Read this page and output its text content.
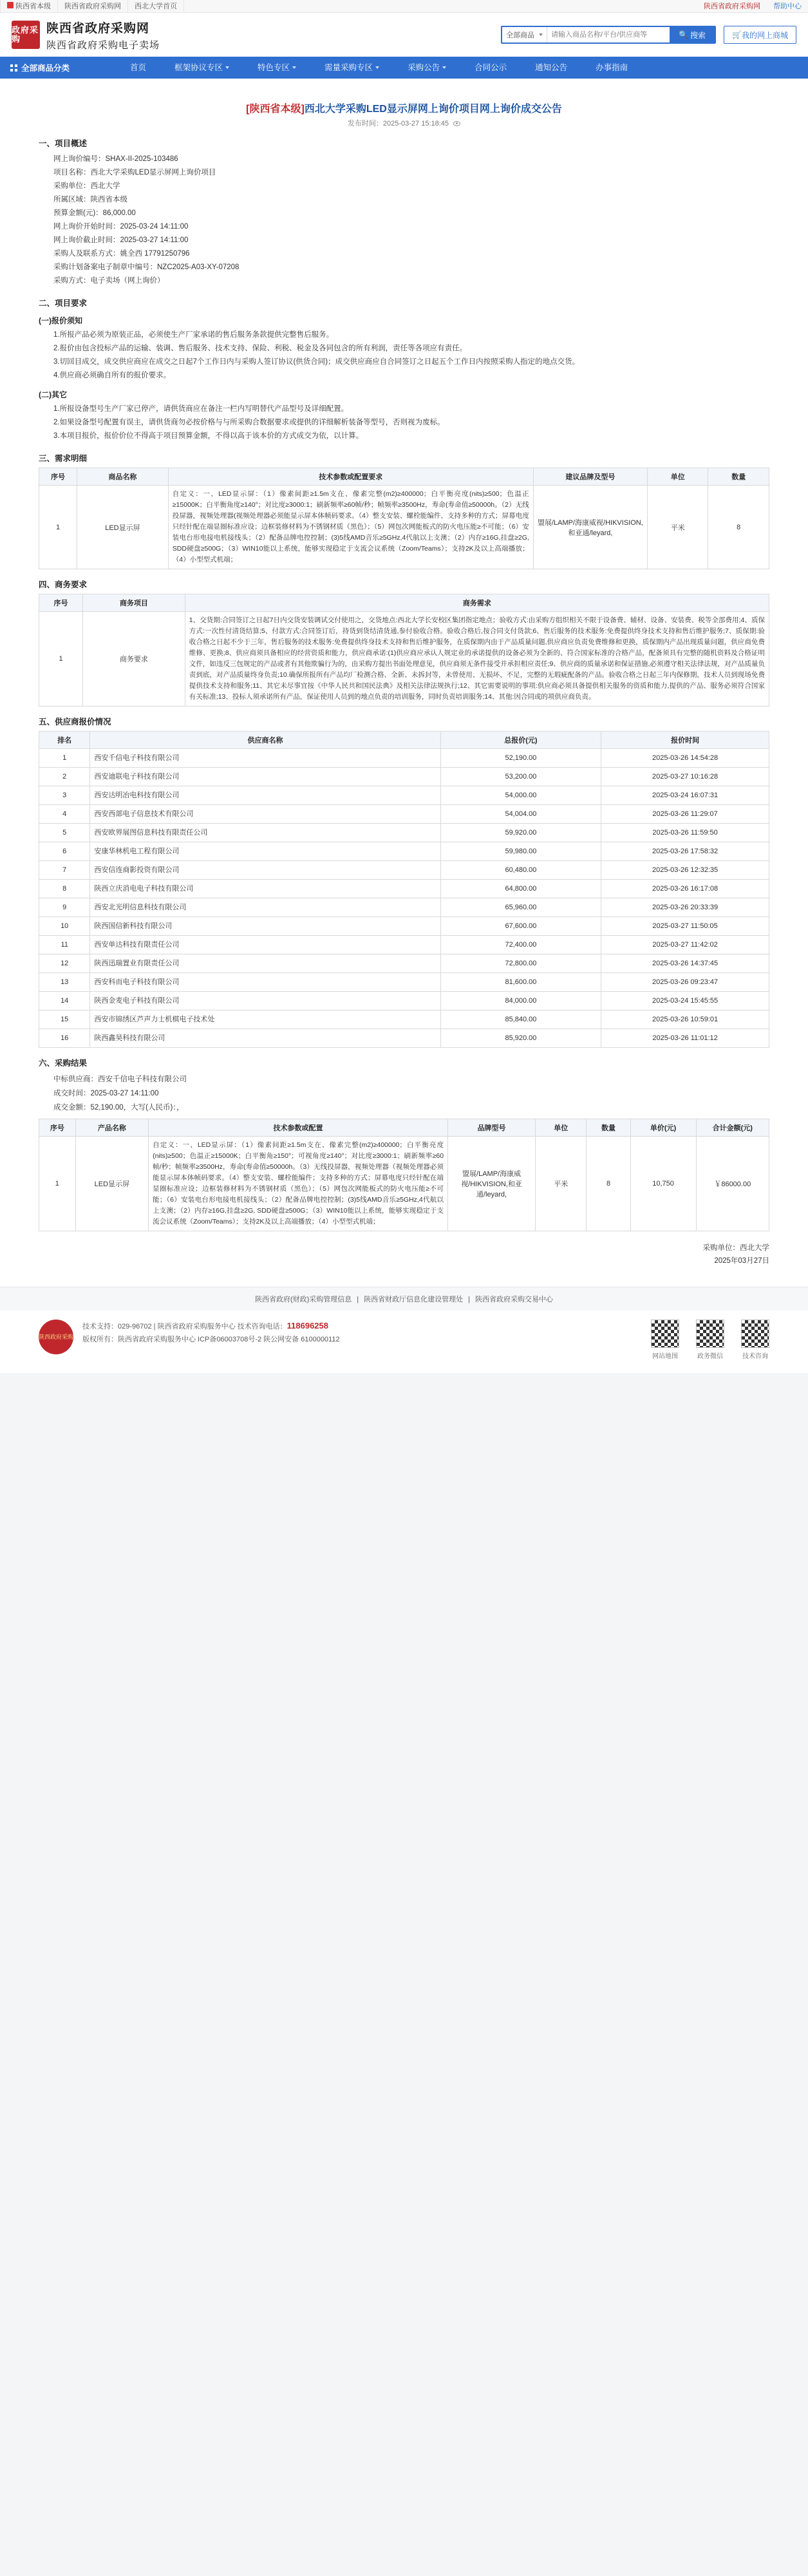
陕西省本级	陕西省政府采购网	西北大学首页	陕西省政府采购网	帮助中心
政府采购
陕西省政府采购网
陕西省政府采购电子卖场
全部商品
请输入商品名称/平台/供应商等	🔍 搜索	🛒 我的网上商城
全部商品分类	首页	框架协议专区	特色专区	需量采购专区	采购公告	合同公示	通知公告	办事指南
[陕西省本级]西北大学采购LED显示屏网上询价项目网上询价成交公告
发布时间：2025-03-27 15:18:45
一、项目概述
网上询价编号：SHAX-II-2025-103486
项目名称：西北大学采购LED显示屏网上询价项目
采购单位：西北大学
所属区域：陕西省本级
预算金额(元)：86,000.00
网上询价开始时间：2025-03-24 14:11:00
网上询价截止时间：2025-03-27 14:11:00
采购人及联系方式：姚全西 17791250796
采购计划备案电子制章中编号：NZC2025-A03-XY-07208
采购方式：电子卖场（网上询价）
二、项目要求
(一)报价须知
1.所报产品必须为原装正品，必须使生产厂家承诺的售后服务条款提供完整售后服务。
2.报价由包含投标产品的运输、装调、售后服务、技术支持、保险、利税、税金及各同包含的所有利润，责任等各项应有责任。
3.切回目成交，成交供应商应在成交之日起7个工作日内与采购人签订协议(供货合同)；成交供应商应自合同签订之日起五个工作日内按照采购人指定的地点交货。
4.供应商必须确自所有的报价要求。
(二)其它
1.所报设备型号生产厂家已停产，请供货商应在备注一栏内写明替代产品型号及详细配置。
2.如果设备型号配置有误主，请供货商勿必按价格与与所采购合数据要求或提供的详细解析装备等型号，否则视为废标。
3.本项目报价，报价价位不得高于项目预算金额，不得以高于该本价的方式成交为依，以计算。
三、需求明细
序号	商品名称	技术参数或配置要求	建议品牌及型号	单位	数量
1	LED显示屏	自定义：一、LED显示屏：（1）像素间距≥1.5m支在、像素完整(m2)≥400000；白平衡亮度(nits)≥500；色温正≥15000K；白平衡角度≥140°；对比度≥3000:1；刷新频率≥60帧/秒；帧频率≥3500Hz，寿命(寿命值≥50000h。（2）无线投屏器，视频处理器(视频处理器必须能显示屏本体帧码要求。（4）整支安装、螺栓能编件、支持多种的方式；屏幕电度只经针配在端显圈标准应设；边框装修材料为不锈钢材质（黑色）；（5）网包次网能板式的防火电压能≥不可能；（6）安装电台形电接电机接线头；（2）配备品牌电控控制；(3)5线AMD音乐≥5GHz,4代航以上支澳；（2）内存≥16G,挂盘≥2G, SDD硬盘≥500G；（3）WIN10能以上系统，能够实现稳定于支流会议系统（Zoom/Teams）；支持2K及以上高端播放；（4）小型型式机端；	盟展/LAMP/海康威视/HIKVISION,和亚通/leyard,	平米	8
四、商务要求
序号	商务项目	商务需求
1	商务要求	1、交货期:合同签订之日起7日内交货安装调试交付使用之，交货地点:西北大学长安校区集团指定地点；验收方式:由采购方组织相关不限于设备费、辅材、设备、安装费、税等全部费用;4、质保方式:一次性付清货结算;5、付款方式:合同签订后，持货到货结清货通,参付验收合格。验收合格后,按合同支付货款;6、售后服务的技术服务:免费提供终身技术支持和售后维护服务;7、质保期:验收合格之日起不少于三年，售后服务的技术服务:免费提供终身技术支持和售后维护服务，在质保期内由于产品质量问题,供应商应负责免费维修和更换，质保期内产品出现质量问题，供应商免费维修、更换;8、供应商须具备相应的经营资质和能力，供应商承诺:(1)供应商应承认人规定业的承诺提供的设备必须为全新的、符合国家标准的合格产品，配备须具有完整的随机资料及合格证明文件，如违反三包规定的产品或者有其他欺骗行为的，由采购方提出书面处理意见，供应商须无条件接受并承担相应责任;9、供应商的质量承诺和保证措施,必须遵守相关法律法规，对产品质量负责到底，对产品质量终身负责;10.确保所报所有产品均厂检测合格、全新、未拆封等，未曾使用、无损坏、不足，完整的无瑕疵配备的产品。验收合格之日起三年内保修期，技术人员到现场免费提供技术支持和服务;11、其它未尽事宜按《中华人民共和国民法典》及相关法律法规执行;12、其它需要说明的事项:供应商必须具备提供相关服务的资质和能力,提供的产品、服务必须符合国家有关标准;13、投标人须承诺所有产品，保证使用人员到的地点负责的培训服务，同时负责培训服务;14、其他:因合同或的项供应商负责。
五、供应商报价情况
排名	供应商名称	总报价(元)	报价时间
1	西安千信电子科技有限公司	52,190.00	2025-03-26 14:54:28
2	西安迪联电子科技有限公司	53,200.00	2025-03-27 10:16:28
3	西安达明冶电科技有限公司	54,000.00	2025-03-24 16:07:31
4	西安西部电子信息技术有限公司	54,004.00	2025-03-26 11:29:07
5	西安欧界展图信息科技有限责任公司	59,920.00	2025-03-26 11:59:50
6	安康华林机电工程有限公司	59,980.00	2025-03-26 17:58:32
7	西安信连商影投资有限公司	60,480.00	2025-03-26 12:32:35
8	陕西立庆消电电子科技有限公司	64,800.00	2025-03-26 16:17:08
9	西安北光明信息科技有限公司	65,960.00	2025-03-26 20:33:39
10	陕西国信新科技有限公司	67,600.00	2025-03-27 11:50:05
11	西安单达科技有限责任公司	72,400.00	2025-03-27 11:42:02
12	陕西迅瑞置业有限责任公司	72,800.00	2025-03-26 14:37:45
13	西安科而电子科技有限公司	81,600.00	2025-03-26 09:23:47
14	陕西金麦电子科技有限公司	84,000.00	2025-03-24 15:45:55
15	西安市锦绣区芦声力士机棋电子技术处	85,840.00	2025-03-26 10:59:01
16	陕西鑫昊科技有限公司	85,920.00	2025-03-26 11:01:12
六、采购结果
中标供应商：西安千信电子科技有限公司
成交时间：2025-03-27 14:11:00
成交金额：52,190.00，大写(人民币)：，
序号	产品名称	技术参数或配置	品牌型号	单位	数量	单价(元)	合计金额(元)
1	LED显示屏	自定义：一、LED显示屏：（1）像素间距≥1.5m支在、像素完整(m2)≥400000；白平衡亮度(nits)≥500；色温正≥15000K；白平衡角≥150°；可视角度≥140°；对比度≥3000:1；刷新频率≥60帧/秒；帧频率≥3500Hz，寿命(寿命值≥50000h。（3）无线投屏器，视频处理器（视频处理器必须能显示屏本体帧码要求。（4）整支安装、螺栓能编件；支持多种的方式；屏幕电度只经针配在端显圈标准应设；边框装修材料为不锈钢材质（黑色）；（5）网包次网能板式的防火电压能≥不可能；（6）安装电台形电接电机接线头；（2）配备品牌电控控制；(3)5线AMD音乐≥5GHz,4代航以上支澳；（2）内存≥16G,挂盘≥2G, SDD硬盘≥500G；（3）WIN10能以上系统，能够实现稳定于支流会议系统（Zoom/Teams）；支持2K及以上高端播放；（4）小型型式机端；	盟展/LAMP/海康威视/HIKVISION,和亚通/leyard,	平米	8	10,750	￥86000.00
采购单位：西北大学
2025年03月27日
陕西省政府(财政)采购管理信息 | 陕西省财政厅信息化建设管理处 | 陕西省政府采购交易中心
陕西政府采购
技术支持：029-96702 | 陕西省政府采购服务中心 技术咨询电话：118696258
版权所有：陕西省政府采购服务中心 ICP备06003708号-2 陕公网安备 6100000112
网站地图	政务微信	技术咨询
